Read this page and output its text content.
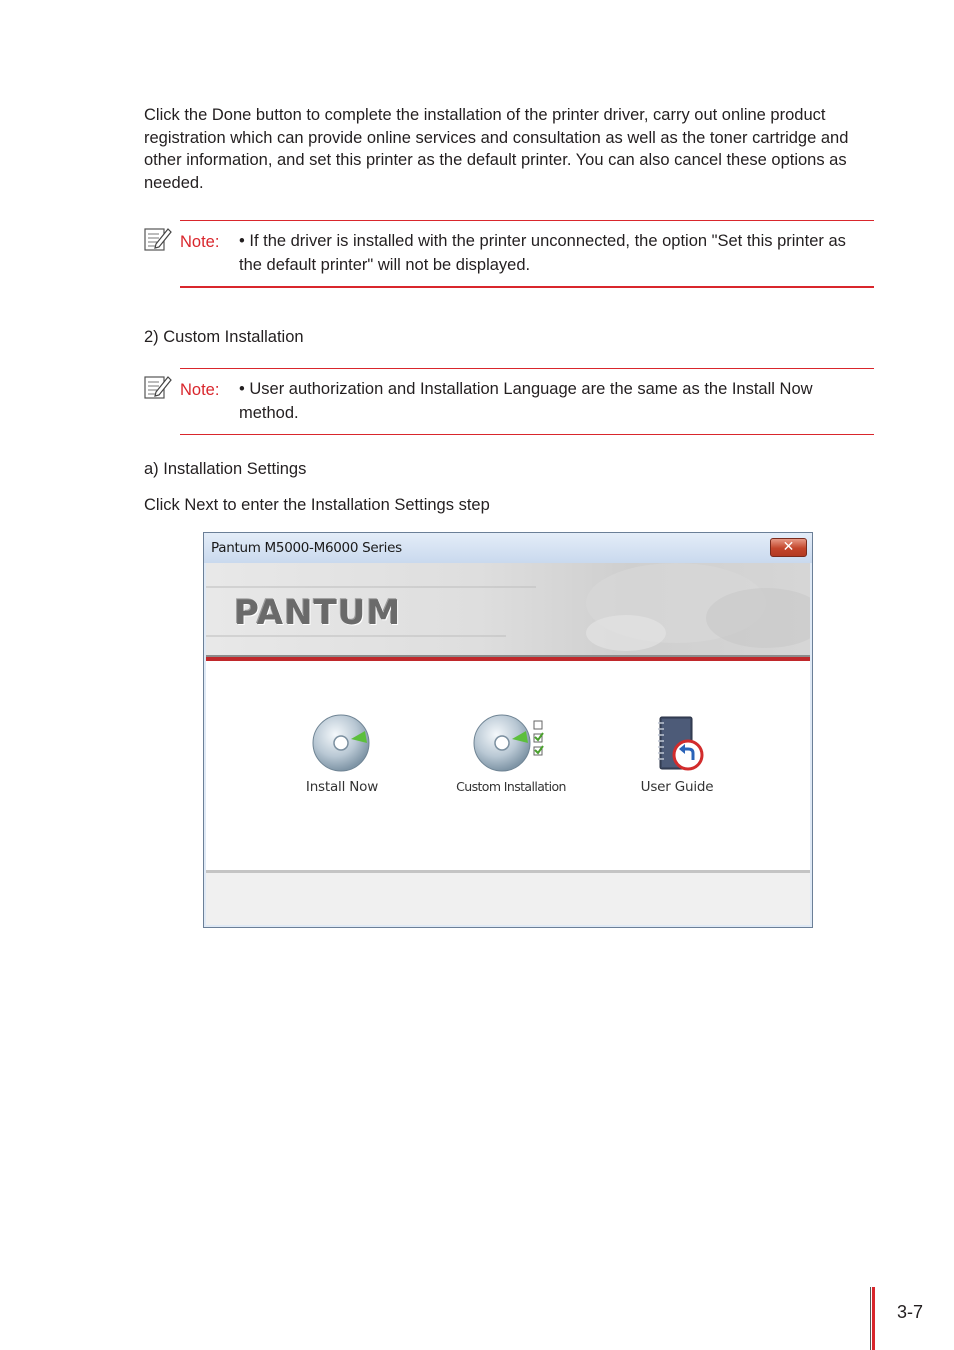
Click the Done button to complete the installation of the printer driver, carry out online product registration which can provide online services and consultation as well as the toner cartridge and other information, and set this printer as the default printer. You can also cancel these options as needed.

Note: • If the driver is installed with the printer unconnected, the option "Set this printer as the default printer" will not be displayed.
2) Custom Installation
Note: • User authorization and Installation Language are the same as the Install Now method.
a) Installation Settings

Click Next to enter the Installation Settings step

Pantum M5000-M6000 Series	✕
PANTUM
Install Now	Custom Installation	User Guide
3-7
